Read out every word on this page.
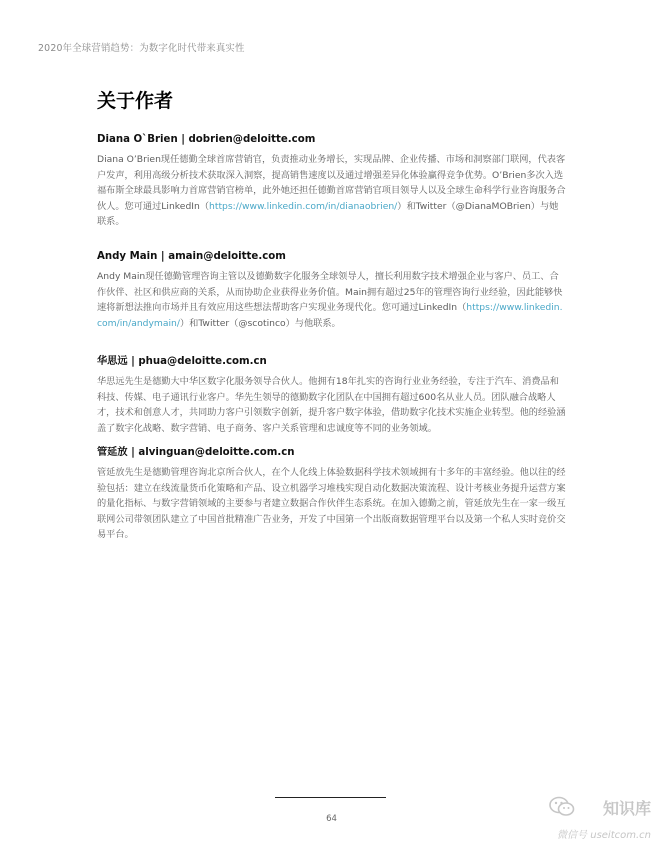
2020年全球营销趋势：为数字化时代带来真实性
关于作者

Diana O`Brien | dobrien@deloitte.com

Diana O’Brien现任德勤全球首席营销官，负责推动业务增长，实现品牌、企业传播、市场和洞察部门联网，代表客户发声，利用高级分析技术获取深入洞察，提高销售速度以及通过增强差异化体验赢得竞争优势。O’Brien多次入选福布斯全球最具影响力首席营销官榜单，此外她还担任德勤首席营销官项目领导人以及全球生命科学行业咨询服务合伙人。您可通过LinkedIn（https://www.linkedin.com/in/dianaobrien/）和Twitter（@DianaMOBrien）与她联系。

Andy Main | amain@deloitte.com

Andy Main现任德勤管理咨询主管以及德勤数字化服务全球领导人，擅长利用数字技术增强企业与客户、员工、合作伙伴、社区和供应商的关系，从而协助企业获得业务价值。Main拥有超过25年的管理咨询行业经验，因此能够快速将新想法推向市场并且有效应用这些想法帮助客户实现业务现代化。您可通过LinkedIn（https://www.linkedin.com/in/andymain/）和Twitter（@scotinco）与他联系。

华思远 | phua@deloitte.com.cn

华思远先生是德勤大中华区数字化服务领导合伙人。他拥有18年扎实的咨询行业业务经验，专注于汽车、消费品和科技、传媒、电子通讯行业客户。华先生领导的德勤数字化团队在中国拥有超过600名从业人员。团队融合战略人才，技术和创意人才，共同助力客户引领数字创新，提升客户数字体验，借助数字化技术实施企业转型。他的经验涵盖了数字化战略、数字营销、电子商务、客户关系管理和忠诚度等不同的业务领域。

管延放 | alvinguan@deloitte.com.cn

管延放先生是德勤管理咨询北京所合伙人，在个人化线上体验数据科学技术领域拥有十多年的丰富经验。他以往的经验包括：建立在线流量货币化策略和产品、设立机器学习堆栈实现自动化数据决策流程、设计考核业务提升运营方案的量化指标、与数字营销领域的主要参与者建立数据合作伙伴生态系统。在加入德勤之前，管延放先生在一家一级互联网公司带领团队建立了中国首批精准广告业务，开发了中国第一个出版商数据管理平台以及第一个私人实时竞价交易平台。

64
知识库
微信号 useitcom.cn
